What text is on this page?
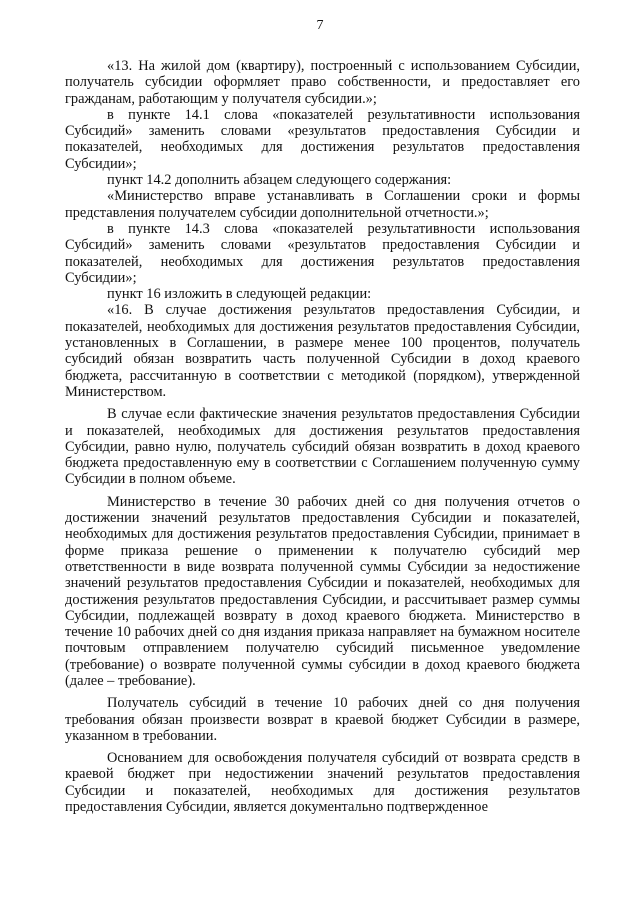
7

«13. На жилой дом (квартиру), построенный с использованием Субсидии, получатель субсидии оформляет право собственности, и предоставляет его гражданам, работающим у получателя субсидии.»;

в пункте 14.1 слова «показателей результативности использования Субсидий» заменить словами «результатов предоставления Субсидии и показателей, необходимых для достижения результатов предоставления Субсидии»;

пункт 14.2 дополнить абзацем следующего содержания:

«Министерство вправе устанавливать в Соглашении сроки и формы представления получателем субсидии дополнительной отчетности.»;

в пункте 14.3 слова «показателей результативности использования Субсидий» заменить словами «результатов предоставления Субсидии и показателей, необходимых для достижения результатов предоставления Субсидии»;

пункт 16 изложить в следующей редакции:

«16. В случае достижения результатов предоставления Субсидии, и показателей, необходимых для достижения результатов предоставления Субсидии, установленных в Соглашении, в размере менее 100 процентов, получатель субсидий обязан возвратить часть полученной Субсидии в доход краевого бюджета, рассчитанную в соответствии с методикой (порядком), утвержденной Министерством.

В случае если фактические значения результатов предоставления Субсидии и показателей, необходимых для достижения результатов предоставления Субсидии, равно нулю, получатель субсидий обязан возвратить в доход краевого бюджета предоставленную ему в соответствии с Соглашением полученную сумму Субсидии в полном объеме.

Министерство в течение 30 рабочих дней со дня получения отчетов о достижении значений результатов предоставления Субсидии и показателей, необходимых для достижения результатов предоставления Субсидии, принимает в форме приказа решение о применении к получателю субсидий мер ответственности в виде возврата полученной суммы Субсидии за недостижение значений результатов предоставления Субсидии и показателей, необходимых для достижения результатов предоставления Субсидии, и рассчитывает размер суммы Субсидии, подлежащей возврату в доход краевого бюджета. Министерство в течение 10 рабочих дней со дня издания приказа направляет на бумажном носителе почтовым отправлением получателю субсидий письменное уведомление (требование) о возврате полученной суммы субсидии в доход краевого бюджета (далее – требование).

Получатель субсидий в течение 10 рабочих дней со дня получения требования обязан произвести возврат в краевой бюджет Субсидии в размере, указанном в требовании.

Основанием для освобождения получателя субсидий от возврата средств в краевой бюджет при недостижении значений результатов предоставления Субсидии и показателей, необходимых для достижения результатов предоставления Субсидии, является документально подтвержденное
